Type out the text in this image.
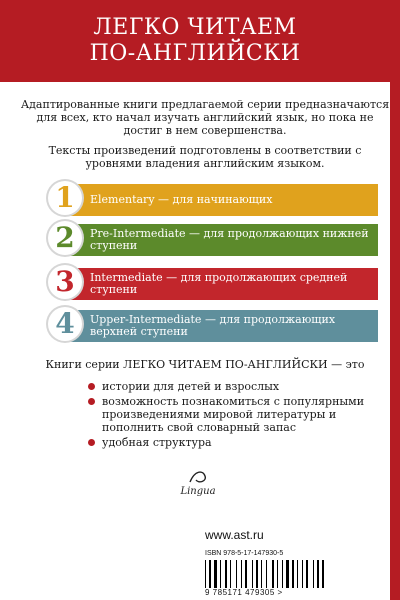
ЛЕГКО ЧИТАЕМ
ПО-АНГЛИЙСКИ

Адаптированные книги предлагаемой серии предназначаются для всех, кто начал изучать английский язык, но пока не достиг в нем совершенства.

Тексты произведений подготовлены в соответствии с уровнями владения английским языком.

1	Elementary — для начинающих
2	Pre-Intermediate — для продолжающих нижней ступени
3	Intermediate — для продолжающих средней ступени
4	Upper-Intermediate — для продолжающих верхней ступени
Книги серии ЛЕГКО ЧИТАЕМ ПО-АНГЛИЙСКИ — это
истории для детей и взрослых
возможность познакомиться с популярными произведениями мировой литературы и пополнить свой словарный запас
удобная структура
Lingua
www.ast.ru
ISBN 978-5-17-147930-5
9 785171 479305 >
